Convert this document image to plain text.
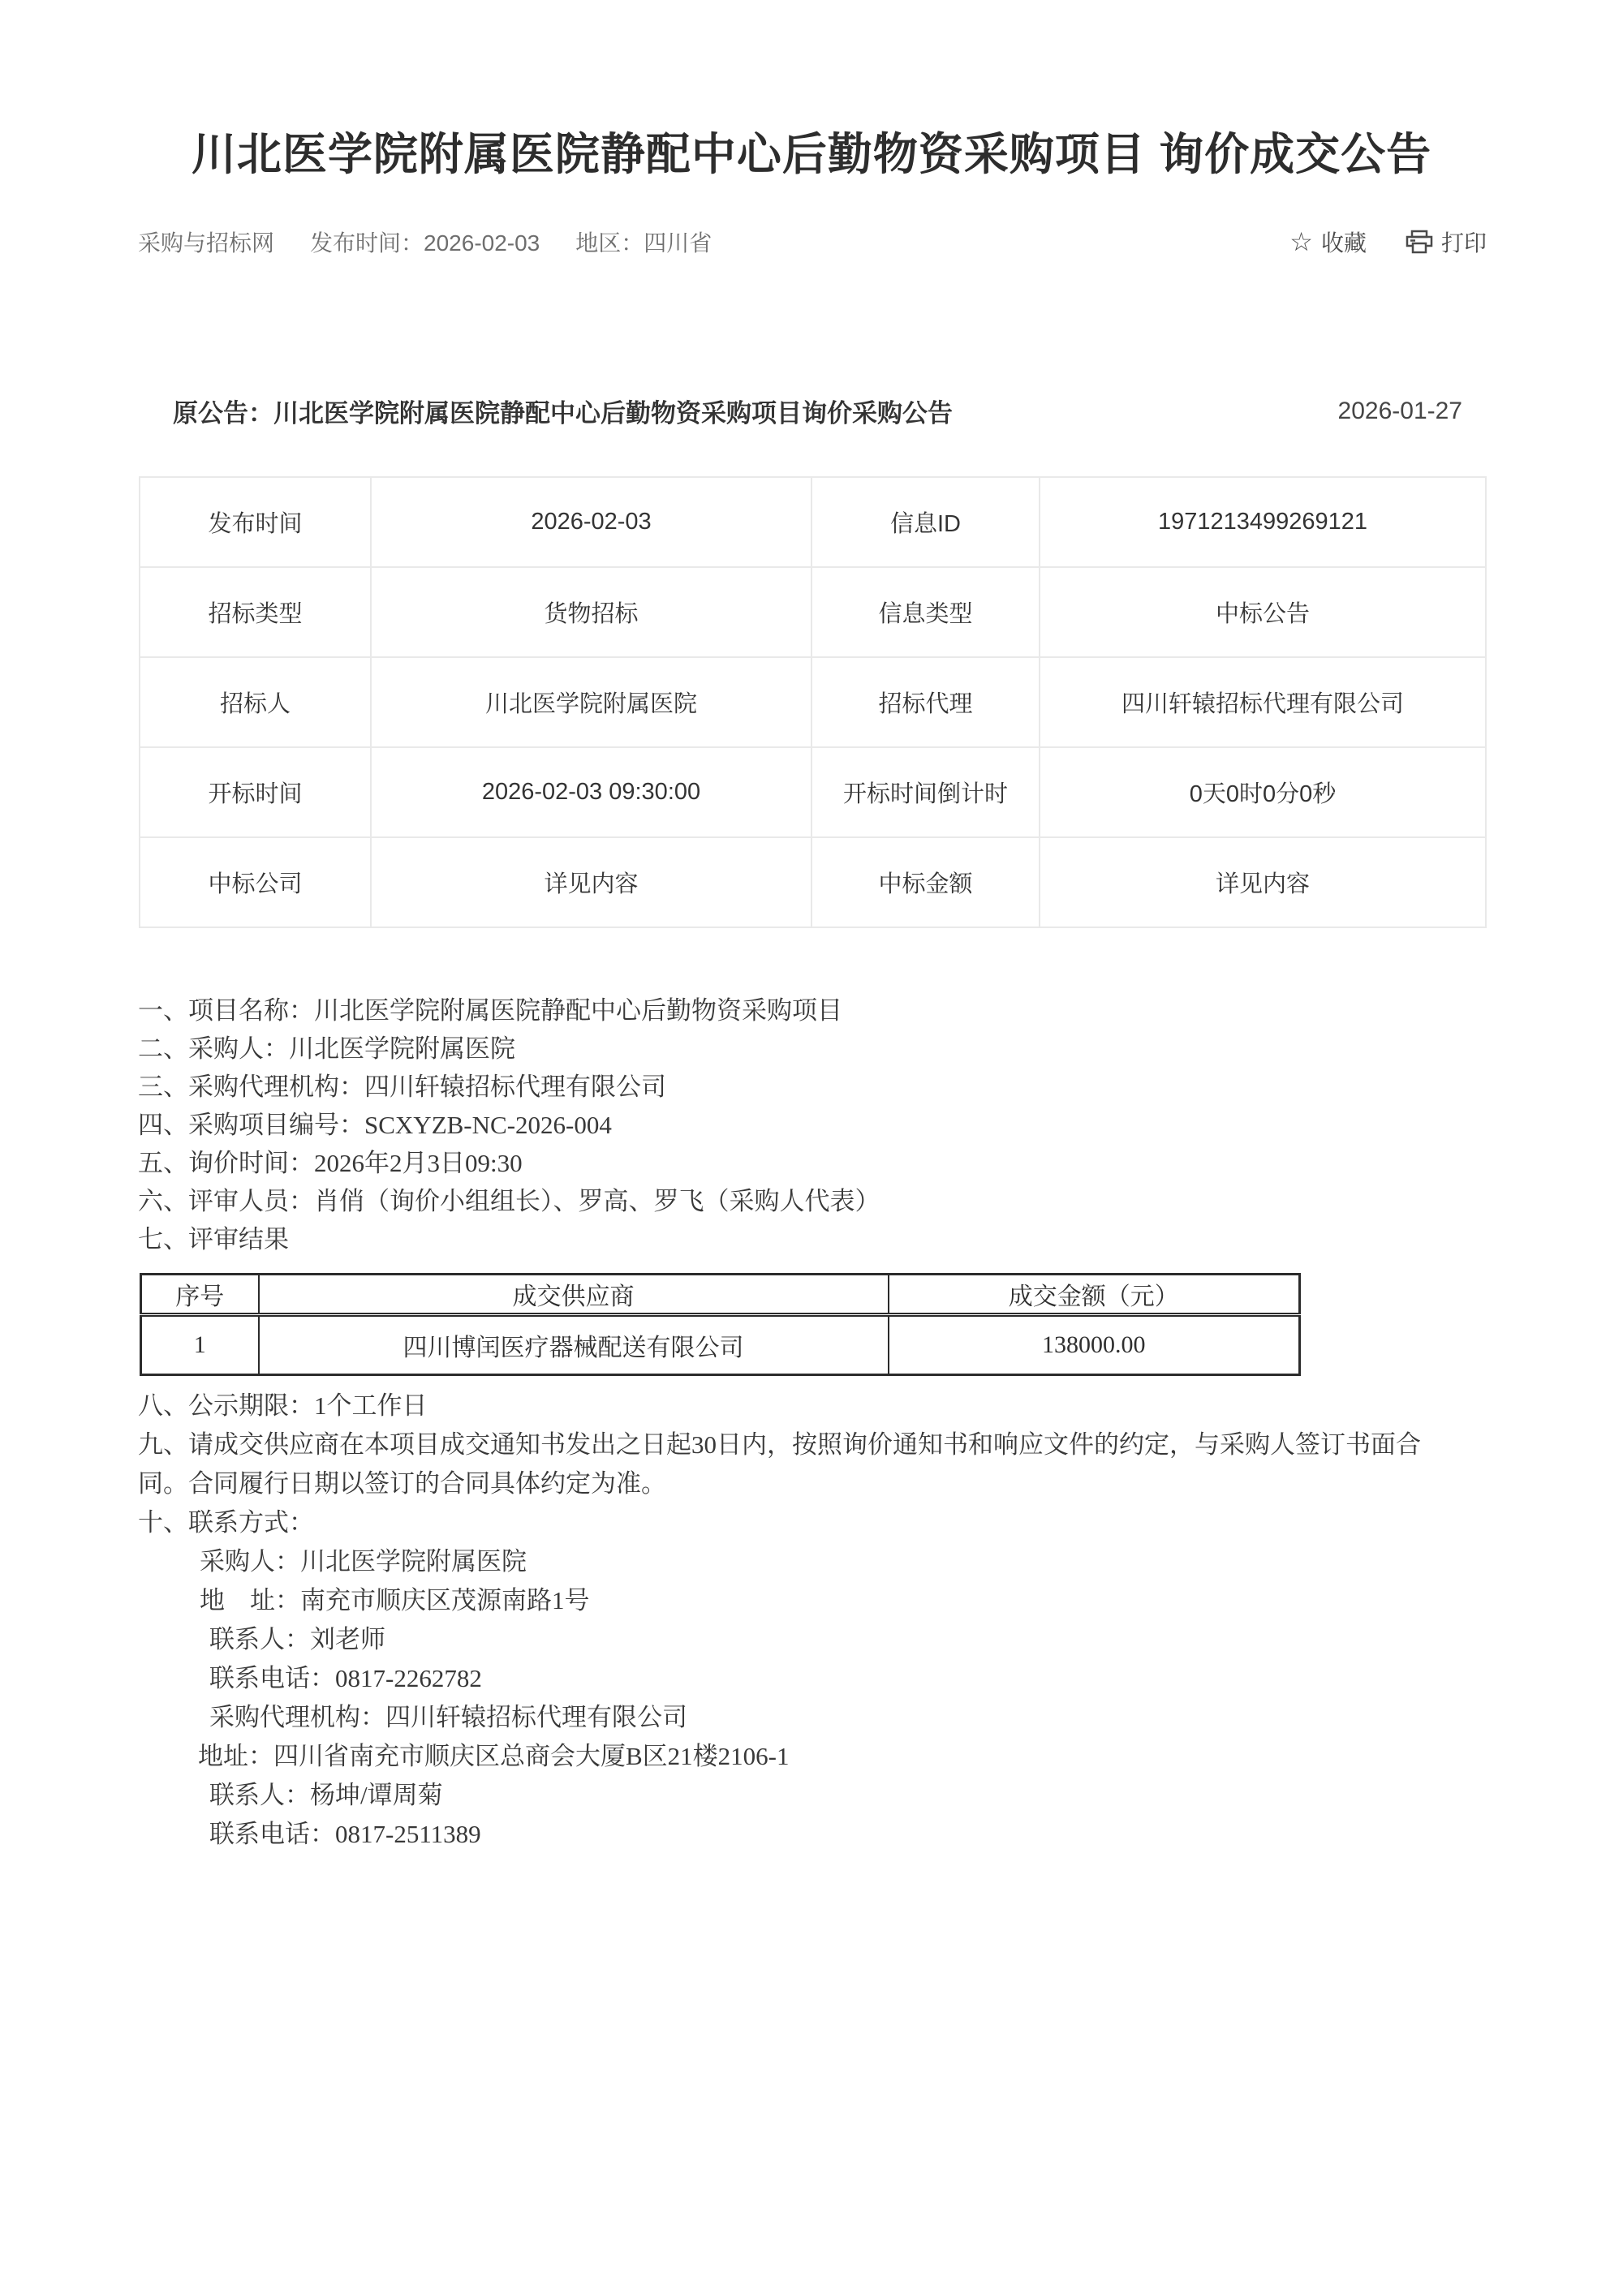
川北医学院附属医院静配中心后勤物资采购项目 询价成交公告
采购与招标网 发布时间：2026-02-03 地区：四川省	☆ 收藏	打印
原公告： 川北医学院附属医院静配中心后勤物资采购项目询价采购公告	2026-01-27
发布时间	2026-02-03	信息ID	1971213499269121
招标类型	货物招标	信息类型	中标公告
招标人	川北医学院附属医院	招标代理	四川轩辕招标代理有限公司
开标时间	2026-02-03 09:30:00	开标时间倒计时	0天0时0分0秒
中标公司	详见内容	中标金额	详见内容
一、项目名称：川北医学院附属医院静配中心后勤物资采购项目
二、采购人：川北医学院附属医院
三、采购代理机构：四川轩辕招标代理有限公司
四、采购项目编号：SCXYZB-NC-2026-004
五、询价时间：2026年2月3日09:30
六、评审人员：肖俏（询价小组组长）、罗高、罗飞（采购人代表）
七、评审结果
序号	成交供应商	成交金额（元）
1	四川博闰医疗器械配送有限公司	138000.00
八、公示期限：1个工作日
九、请成交供应商在本项目成交通知书发出之日起30日内，按照询价通知书和响应文件的约定，与采购人签订书面合
同。合同履行日期以签订的合同具体约定为准。
十、联系方式：
采购人：川北医学院附属医院
地　址：南充市顺庆区茂源南路1号
联系人：刘老师
联系电话：0817-2262782
采购代理机构：四川轩辕招标代理有限公司
地址：四川省南充市顺庆区总商会大厦B区21楼2106-1
联系人：杨坤/谭周菊
联系电话：0817-2511389
